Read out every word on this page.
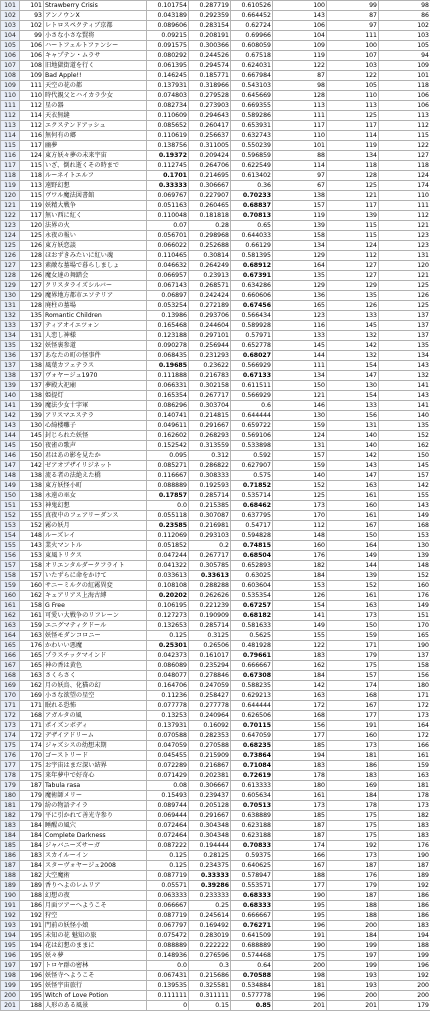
101	101	Strawberry Crisis	0.101754	0.287719	0.610526	100	99	98
102	93	アンノウンX	0.043189	0.292359	0.664452	143	87	86
103	102	レトロスペクティブ京都	0.089606	0.283154	0.62724	106	97	102
104	99	小さな小さな賢将	0.09215	0.208191	0.69966	104	111	103
105	106	ハートフェルトファンシー	0.091575	0.300366	0.608059	109	100	105
106	106	キャプテン・ムラサ	0.080292	0.244526	0.67518	119	107	94
107	108	旧地獄街道を行く	0.061395	0.294574	0.624031	122	103	109
108	109	Bad Apple!!	0.146245	0.185771	0.667984	87	122	101
109	111	天空の花の都	0.137931	0.318966	0.543103	98	105	118
110	110	時代親父とハイカラ少女	0.074803	0.279528	0.645669	128	110	106
111	112	星の器	0.082734	0.273903	0.669355	113	113	106
112	114	天衣無縫	0.110609	0.294643	0.589286	111	125	113
113	112	エクステンドアッシュ	0.085652	0.260417	0.653931	117	117	112
114	116	無何有の郷	0.110619	0.256637	0.632743	110	114	115
115	117	幽夢	0.138756	0.311005	0.550239	101	119	122
116	124	東方妖々夢の未来宇宙	0.19372	0.209424	0.596859	88	134	127
117	115	いざ、倒れ逝くその時まで	0.112745	0.264706	0.622549	114	118	118
118	118	ルーネイトエルフ	0.1701	0.214695	0.613402	97	128	124
119	113	遠野幻想	0.33333	0.306667	0.36	67	125	174
120	115	ヴワル魔法図書館	0.069767	0.227907	0.70233	138	121	110
121	119	妖精大戦争	0.051163	0.260465	0.68837	157	117	111
122	117	無い西に紅く	0.110048	0.181818	0.70813	119	139	112
123	120	法界の火	0.07	0.28	0.65	139	115	121
124	125	永夜の報い	0.056701	0.298968	0.644033	158	115	123
125	126	東方妖恋談	0.066022	0.252688	0.66129	134	124	123
126	128	ほおずきみたいに紅い魂	0.110465	0.30814	0.581395	129	112	131
127	123	素敵な墓場で暮らしましょ	0.046632	0.264249	0.68912	164	127	120
128	126	魔女達の舞踏会	0.066957	0.23913	0.67391	135	127	121
129	127	クリスタライズシルバー	0.067143	0.268571	0.634286	129	129	125
130	129	魔界地方都市エソテリア	0.06897	0.242424	0.660606	136	135	126
131	128	廃柱の墓場	0.053254	0.272189	0.67456	165	126	125
132	135	Romantic Children	0.13986	0.293706	0.566434	123	133	137
133	137	ティアオイエツォン	0.165468	0.244604	0.589928	116	145	137
134	131	人恋し神様	0.123188	0.297101	0.57971	133	132	137
135	132	妖怪裏参道	0.090278	0.256944	0.652778	145	142	135
136	137	あなたの町の怪事件	0.068435	0.231293	0.68027	144	132	134
137	138	風葉カフェテラス	0.19685	0.23622	0.566929	111	154	143
138	137	ヴォヤージュ1970	0.111888	0.216783	0.67133	134	147	132
139	137	夢殿大祀廟	0.066331	0.302158	0.611511	150	130	141
140	138	姫提灯	0.165354	0.267717	0.566929	121	154	143
141	139	魔法少女十字軍	0.086296	0.303704	0.6	146	133	141
142	139	アリスマエステラ	0.140741	0.214815	0.644444	130	156	140
143	130	心綺楼囃子	0.049611	0.291667	0.659722	159	131	135
144	145	封じられた妖怪	0.162602	0.268293	0.569106	124	140	152
145	150	夜雀の歌声	0.152542	0.313559	0.533898	131	140	162
146	150	君はあの影を見たか	0.095	0.312	0.592	157	142	150
147	142	ゼアオブザイリジネット	0.085271	0.286822	0.627907	159	143	145
148	138	流る者の法絶えた橋	0.116667	0.308333	0.575	140	147	157
149	138	東方妖怪小町	0.088889	0.192593	0.71852	152	163	142
150	138	永遠の巫女	0.17857	0.285714	0.535714	125	161	155
151	153	神鬼幻想	0.0	0.215385	0.68462	173	160	143
152	155	真夜中のフェアリーダンス	0.055118	0.307087	0.637795	170	161	149
153	152	霧の妖月	0.23585	0.216981	0.54717	112	167	168
154	148	ルーズレイ	0.112069	0.293103	0.594828	148	150	153
155	143	業火マントル	0.051852	0.2	0.74815	160	164	130
156	153	東風トリクス	0.047244	0.267717	0.68504	176	149	139
157	158	オリエンタルダークフライト	0.041322	0.305785	0.652893	182	144	148
158	157	いたずらに命をかけて	0.033613	0.33613	0.63025	184	139	152
159	160	サニーミルクの紅霧異変	0.108108	0.288288	0.603604	153	152	160
160	162	キュアリアス上海古縛	0.20202	0.262626	0.535354	126	161	176
161	158	G Free	0.106195	0.221239	0.67257	154	163	149
162	161	可愛い大戦争のリフレーン	0.127273	0.190909	0.68182	141	173	151
163	159	エニグマティクドール	0.132653	0.285714	0.581633	149	150	170
164	163	妖怪モダンコロニー	0.125	0.3125	0.5625	155	159	165
165	176	かわいい悪魔	0.25301	0.26506	0.481928	122	171	190
166	165	プラスチックマインド	0.042373	0.161017	0.79661	183	179	137
167	165	神の香は黄色	0.086089	0.235294	0.666667	162	175	158
168	163	さくらさく	0.048077	0.278846	0.67308	184	157	156
169	162	月の妖鳥、化猫の幻	0.164706	0.247059	0.588235	142	174	180
170	169	小さな欲望の星空	0.11236	0.258427	0.629213	163	168	171
171	171	眠れる恐怖	0.077778	0.277778	0.644444	172	167	172
172	168	アガルタの風	0.13253	0.240964	0.626506	168	177	173
173	171	ポイズンボディ	0.137931	0.16092	0.70115	156	191	164
174	172	デザイアドリーム	0.070588	0.282353	0.647059	177	160	172
175	174	ジャズシスの幼想末期	0.047059	0.270588	0.68235	185	173	166
176	170	ゴーストリード	0.045455	0.215909	0.73864	194	181	161
177	175	お宇宙はまだ深い結界	0.072289	0.216867	0.71084	183	186	159
178	175	来年夢中で好奇心	0.071429	0.202381	0.72619	178	183	163
179	187	Tabula rasa	0.08	0.306667	0.613333	180	169	181
180	179	魔術師メリー	0.15493	0.239437	0.605634	161	184	178
181	179	紛の物語テイラ	0.089744	0.205128	0.70513	173	178	173
182	179	平に引かれて善光寺参り	0.069444	0.291667	0.638889	185	175	182
183	184	睡醒の風穴	0.072464	0.304348	0.623188	187	175	183
184	184	Complete Darkness	0.072464	0.304348	0.623188	187	175	183
185	184	ジャバニーズサーガ	0.087222	0.194444	0.70833	174	192	176
186	183	スカイルーイン	0.125	0.28125	0.59375	166	173	190
187	184	スターヴォヤージュ2008	0.125	0.234375	0.640625	167	187	187
188	182	大空魔術	0.087719	0.33333	0.578947	188	176	189
189	189	香りへよのレムリア	0.05571	0.39286	0.553571	177	179	192
190	188	幻想の夜	0.063333	0.233333	0.68333	190	187	186
191	186	月面ツアーへようこそ	0.066667	0.25	0.68333	195	188	186
192	192	狩空	0.087719	0.245614	0.666667	195	188	186
193	191	門前の妖怪小娘	0.067797	0.169492	0.76271	196	200	183
194	195	未知の花 魅知の旅	0.075472	0.283019	0.641509	191	184	194
195	194	花は幻想のままに	0.088889	0.222222	0.688889	190	199	188
196	195	妖々夢	0.148936	0.276596	0.574468	175	197	199
197	197	トロヤ群の密林	0.0	0.3	0.64	200	199	196
198	196	妖怪寺へようこそ	0.067431	0.215686	0.70588	198	193	192
199	195	妖怪宇宙旅行	0.139535	0.325581	0.534884	181	193	200
200	195	Witch of Love Potion	0.111111	0.311111	0.577778	196	200	200
201	188	人形のある風景	0	0.15	0.85	201	201	179
